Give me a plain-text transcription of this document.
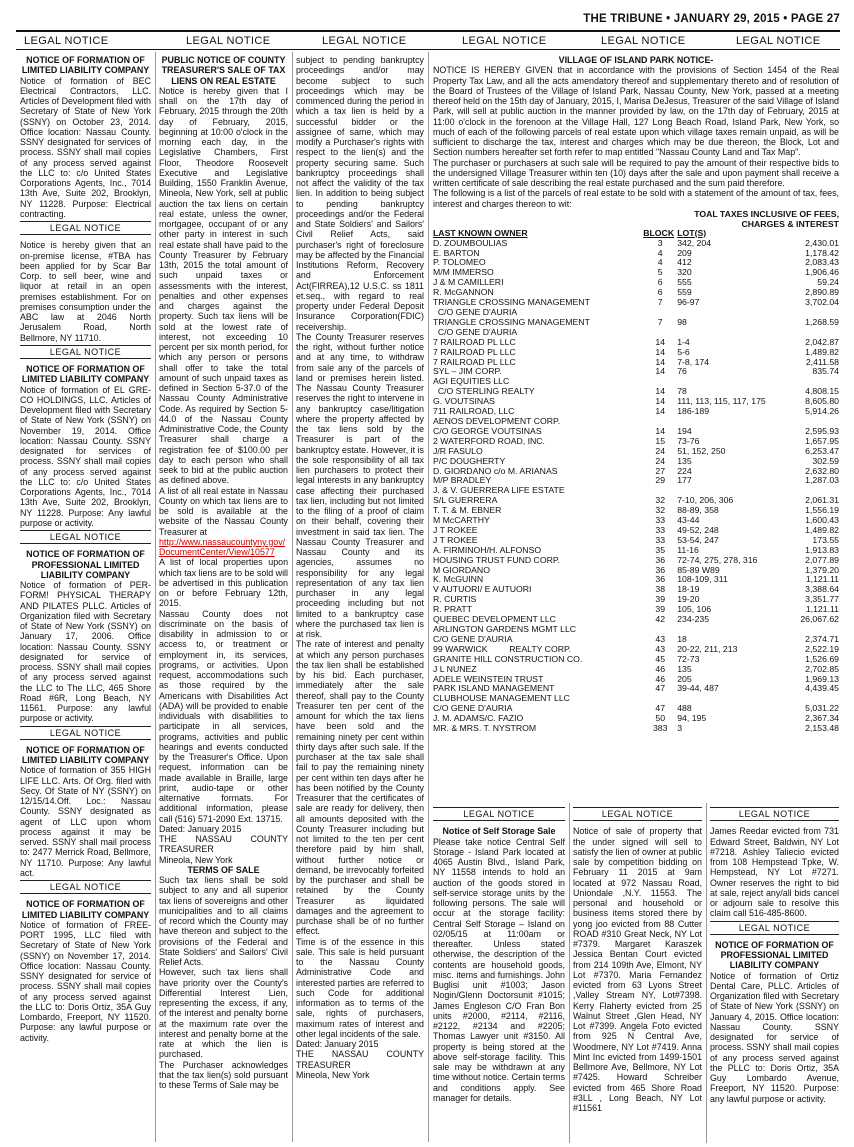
THE TRIBUNE • JANUARY 29, 2015 • PAGE 27
LEGAL NOTICE	LEGAL NOTICE	LEGAL NOTICE	LEGAL NOTICE	LEGAL NOTICE	LEGAL NOTICE

NOTICE OF FORMATION OF LIMITED LIABILITY COMPANY

Notice of formation of BEC Electrical Contractors, LLC. Articles of Development filed with Secretary of State of New York (SSNY) on October 23, 2014. Office location: Nassau County. SSNY designated for services of process. SSNY shall mail copies of any process served against the LLC to: c/o United States Corporations Agents, Inc., 7014 13th Ave, Suite 202, Brooklyn, NY 11228. Purpose: Electrical contracting.

LEGAL NOTICE

Notice is hereby given that an on-premise license, #TBA has been applied for by Scar Bar Corp. to sell beer, wine and liquor at retail in an open premises establishment. For on premises consumption under the ABC law at 2046 North Jerusalem Road, North Bellmore, NY 11710.

LEGAL NOTICE

NOTICE OF FORMATION OF LIMITED LIABILITY COMPANY

Notice of formation of EL GRE-CO HOLDINGS, LLC. Articles of Development filed with Secretary of State of New York (SSNY) on November 19, 2014. Office location: Nassau County. SSNY designated for services of process. SSNY shall mail copies of any process served against the LLC to: c/o United States Corporations Agents, Inc., 7014 13th Ave, Suite 202, Brooklyn, NY 11228. Purpose: Any lawful purpose or activity.

LEGAL NOTICE

NOTICE OF FORMATION OF PROFESSIONAL LIMITED LIABILITY COMPANY

Notice of formation of PER-FORM! PHYSICAL THERAPY AND PILATES PLLC. Articles of Organization filed with Secretary of State of New York (SSNY) on January 17, 2006. Office location: Nassau County. SSNY designated for service of process. SSNY shall mail copies of any process served against the LLC to The LLC, 465 Shore Road #6R, Long Beach, NY 11561. Purpose: any lawful purpose or activity.

LEGAL NOTICE

NOTICE OF FORMATION OF LIMITED LIABILITY COMPANY

Notice of formation of 355 HIGH LIFE LLC. Arts. Of Org. filed with Secy. Of State of NY (SSNY) on 12/15/14.Off. Loc.: Nassau County. SSNY designated as agent of LLC upon whom process against it may be served. SSNY shall mail process to: 2477 Merrick Road, Bellmore, NY 11710. Purpose: Any lawful act.

LEGAL NOTICE

NOTICE OF FORMATION OF LIMITED LIABILITY COMPANY

Notice of formation of FREE-PORT 1995, LLC filed with Secretary of State of New York (SSNY) on November 17, 2014. Office location: Nassau County. SSNY designated for service of process. SSNY shall mail copies of any process served against the LLC to: Doris Ortiz, 35A Guy Lombardo, Freeport, NY 11520. Purpose: any lawful purpose or activity.

PUBLIC NOTICE OF COUNTY TREASURER'S SALE OF TAX LIENS ON REAL ESTATE

Notice is hereby given that I shall on the 17th day of February, 2015 through the 20th day of February, 2015, beginning at 10:00 o'clock in the morning each day, in the Legislative Chambers, First Floor, Theodore Roosevelt Executive and Legislative Building, 1550 Franklin Avenue, Mineola, New York, sell at public auction the tax liens on certain real estate, unless the owner, mortgagee, occupant of or any other party in interest in such real estate shall have paid to the County Treasurer by February 13th, 2015 the total amount of such unpaid taxes or assessments with the interest, penalties and other expenses and charges against the property. Such tax liens will be sold at the lowest rate of interest, not exceeding 10 percent per six month period, for which any person or persons shall offer to take the total amount of such unpaid taxes as defined in Section 5-37.0 of the Nassau County Administrative Code. As required by Section 5-44.0 of the Nassau County Administrative Code, the County Treasurer shall charge a registration fee of $100.00 per day to each person who shall seek to bid at the public auction as defined above.

A list of all real estate in Nassau County on which tax liens are to be sold is available at the website of the Nassau County Treasurer at

http://www.nassaucountyny.gov/DocumentCenter/View/10577

A list of local properties upon which tax liens are to be sold will be advertised in this publication on or before February 12th, 2015.

Nassau County does not discriminate on the basis of disability in admission to or access to, or treatment or employment in, its services, programs, or activities. Upon request, accommodations such as those required by the Americans with Disabilities Act (ADA) will be provided to enable individuals with disabilities to participate in all services, programs, activities and public hearings and events conducted by the Treasurer's Office. Upon request, information can be made available in Braille, large print, audio-tape or other alternative formats. For additional information, please call (516) 571-2090 Ext. 13715.

Dated: January 2015

THE NASSAU COUNTY TREASURER

Mineola, New York

TERMS OF SALE

Such tax liens shall be sold subject to any and all superior tax liens of sovereigns and other municipalities and to all claims of record which the County may have thereon and subject to the provisions of the Federal and State Soldiers' and Sailors' Civil Relief Acts.

However, such tax liens shall have priority over the County's Differential Interest Lien, representing the excess, if any, of the interest and penalty borne at the maximum rate over the interest and penalty borne at the rate at which the lien is purchased.

The Purchaser acknowledges that the tax lien(s) sold pursuant to these Terms of Sale may be

subject to pending bankruptcy proceedings and/or may become subject to such proceedings which may be commenced during the period in which a tax lien is held by a successful bidder or the assignee of same, which may modify a Purchaser's rights with respect to the lien(s) and the property securing same. Such bankruptcy proceedings shall not affect the validity of the tax lien. In addition to being subject to pending bankruptcy proceedings and/or the Federal and State Soldiers' and Sailors' Civil Relief Acts, said purchaser's right of foreclosure may be affected by the Financial Institutions Reform, Recovery and Enforcement Act(FIRREA),12 U.S.C. ss 1811 et.seq., with regard to real property under Federal Deposit Insurance Corporation(FDIC) receivership.

The County Treasurer reserves the right, without further notice and at any time, to withdraw from sale any of the parcels of land or premises herein listed. The Nassau County Treasurer reserves the right to intervene in any bankruptcy case/litigation where the property affected by the tax liens sold by the Treasurer is part of the bankruptcy estate. However, it is the sole responsibility of all tax lien purchasers to protect their legal interests in any bankruptcy case affecting their purchased tax lien, including but not limited to the filing of a proof of claim on their behalf, covering their investment in said tax lien. The Nassau County Treasurer and Nassau County and its agencies, assumes no responsibility for any legal representation of any tax lien purchaser in any legal proceeding including but not limited to a bankruptcy case where the purchased tax lien is at risk.

The rate of interest and penalty at which any person purchases the tax lien shall be established by his bid. Each purchaser, immediately after the sale thereof, shall pay to the County Treasurer ten per cent of the amount for which the tax liens have been sold and the remaining ninety per cent within thirty days after such sale. If the purchaser at the tax sale shall fail to pay the remaining ninety per cent within ten days after he has been notified by the County Treasurer that the certificates of sale are ready for delivery, then all amounts deposited with the County Treasurer including but not limited to the ten per cent therefore paid by him shall, without further notice or demand, be irrevocably forfeited by the purchaser and shall be retained by the County Treasurer as liquidated damages and the agreement to purchase shall be of no further effect.

Time is of the essence in this sale. This sale is held pursuant to the Nassau County Administrative Code and interested parties are referred to such Code for additional information as to terms of the sale, rights of purchasers, maximum rates of interest and other legal incidents of the sale.

Dated: January 2015

THE NASSAU COUNTY TREASURER

Mineola, New York

VILLAGE OF ISLAND PARK NOTICE-

NOTICE IS HEREBY GIVEN that in accordance with the provisions of Section 1454 of the Real Property Tax Law, and all the acts amendatory thereof and supplementary thereto and of resolution of the Board of Trustees of the Village of Island Park, Nassau County, New York, passed at a meeting thereof held on the 15th day of January, 2015, I, Marisa DeJesus, Treasurer of the said Village of Island Park, will sell at public auction in the manner provided by law, on the 17th day of February, 2015 at 11:00 o'clock in the forenoon at the Village Hall, 127 Long Beach Road, Island Park, New York, so much of each of the following parcels of real estate upon which village taxes remain unpaid, as will be sufficient to discharge the tax, interest and charges which may be due thereon, the Block, Lot and Section numbers hereafter set forth refer to map entitled "Nassau County Land and Tax Map".

The purchaser or purchasers at such sale will be required to pay the amount of their respective bids to the undersigned Village Treasurer within ten (10) days after the sale and upon payment shall receive a written certificate of sale describing the real estate purchased and the sum paid therefore.

The following is a list of the parcels of real estate to be sold with a statement of the amount of tax, fees, interest and charges thereon to wit:

TOAL TAXES INCLUSIVE OF FEES, CHARGES & INTEREST
LAST KNOWN OWNER	BLOCK	LOT(S)	
D. ZOUMBOULIAS	3	342, 204	2,430.01
E. BARTON	4	209	1,178.42
P. TOLOMEO	4	412	2,083.43
M/M IMMERSO	5	320	1,906.46
J & M CAMILLERI	6	555	59.24
R. McGANNON	6	559	2,890.89
TRIANGLE CROSSING MANAGEMENT	7	96-97	3,702.04
C/O GENE D'AURIA			
TRIANGLE CROSSING MANAGEMENT	7	98	1,268.59
C/O GENE D'AURIA			
7 RAILROAD PL LLC	14	1-4	2,042.87
7 RAILROAD PL LLC	14	5-6	1,489.82
7 RAILROAD PL LLC	14	7-8, 174	2,411.58
SYL – JIM CORP.	14	76	835.74
AGI EQUITIES LLC			
C/O STERLING REALTY	14	78	4,808.15
G. VOUTSINAS	14	111, 113, 115, 117, 175	8,605.80
711 RAILROAD, LLC	14	186-189	5,914.26
AENOS DEVELOPMENT CORP.			
C/O GEORGE VOUTSINAS	14	194	2,595.93
2 WATERFORD ROAD, INC.	15	73-76	1,657.95
J/R FASULO	24	51, 152, 250	6,253.47
P/C DOUGHERTY	24	135	302.59
D. GIORDANO c/o M. ARIANAS	27	224	2,632.80
M/P BRADLEY	29	177	1,287.03
J. & V. GUERRERA LIFE ESTATE			
S/L GUERRERA	32	7-10, 206, 306	2,061.31
T. T. & M. EBNER	32	88-89, 358	1,556.19
M McCARTHY	33	43-44	1,600.43
J T ROKEE	33	49-52, 248	1,489.82
J T ROKEE	33	53-54, 247	173.55
A. FIRMINOH/H. ALFONSO	35	11-16	1,913.83
HOUSING TRUST FUND CORP.	36	72-74, 275, 278, 316	2,077.89
M GIORDANO	36	85-89 W89	1,379.20
K. McGUINN	36	108-109, 311	1,121.11
V AUTUORI/ E AUTUORI	38	18-19	3,388.64
R. CURTIS	39	19-20	3,351.77
R. PRATT	39	105, 106	1,121.11
QUEBEC DEVELOPMENT LLC	42	234-235	26,067.62
ARLINGTON GARDENS MGMT LLC			
C/O GENE D'AURIA	43	18	2,374.71
99 WARWICK         REALTY CORP.	43	20-22, 211, 213	2,522.19
GRANITE HILL CONSTRUCTION CO.	45	72-73	1,526.69
J L NUNEZ	46	135	2,702.85
ADELE WEINSTEIN TRUST	46	205	1,969.13
PARK ISLAND MANAGEMENT	47	39-44, 487	4,439.45
CLUBHOUSE MANAGEMENT LLC			
C/O GENE D'AURIA	47	488	5,031.22
J. M. ADAMS/C. FAZIO	50	94, 195	2,367.34
MR. & MRS. T. NYSTROM	383	3	2,153.48
LEGAL NOTICE

Notice of Self Storage Sale

Please take notice Central Self Storage - Island Park located at 4065 Austin Blvd., Island Park, NY 11558 intends to hold an auction of the goods stored in self-service storage units by the following persons. The sale will occur at the storage facility: Central Self Storage – Island on 02/05/15 at 11:00am or thereafter. Unless stated otherwise, the description of the contents are household goods, misc. items and furnishings. John Buglisi unit #1003; Jason Nogin/Glenn Doctorsunit #1015; James Engleson C/O Fran Bon units #2000, #2114, #2116, #2122, #2134 and #2205; Thomas Lawyer unit #3150. All property is being stored at the above self-storage facility. This sale may be withdrawn at any time without notice. Certain terms and conditions apply. See manager for details.

LEGAL NOTICE

Notice of sale of property that the under signed will sell to satisfy the lien of owner at public sale by competition bidding on February 11 2015 at 9am located at 972 Nassau Road, Uniondale ,N.Y. 11553. The personal and household or business items stored there by yong joo evicted from 88 Cutter ROAD #310 Great Neck, NY Lot #7379. Margaret Karaszek Jessica Bentan Court evicted from 214 109th Ave, Elmont, NY Lot #7370. Maria Fernandez evicted from 63 Lyons Street ,Valley Stream NY, Lot#7398. Kerry Flaherty evicted from 25 Walnut Street ,Glen Head, NY Lot #7399. Angela Foto evicted from 925 N Central Ave, Woodmere, NY Lot #7419. Anna Mint Inc evicted from 1499-1501 Bellmore Ave, Bellmore, NY Lot #7425. Howard Schreiber evicted from 465 Shore Road #3LL , Long Beach, NY Lot #11561

LEGAL NOTICE

James Reedar evicted from 731 Edward Street, Baldwin, NY Lot #7218. Ashley Taliecio evicted from 108 Hempstead Tpke, W. Hempstead, NY Lot #7271. Owner reserves the right to bid at sale, reject any/all bids cancel or adjourn sale to resolve this claim call 516-485-8600.

LEGAL NOTICE

NOTICE OF FORMATION OF PROFESSIONAL LIMITED LIABILITY COMPANY

Notice of formation of Ortiz Dental Care, PLLC. Articles of Organization filed with Secretary of State of New York (SSNY) on January 4, 2015. Office location: Nassau County. SSNY designated for service of process. SSNY shall mail copies of any process served against the PLLC to: Doris Ortiz, 35A Guy Lombardo Avenue, Freeport, NY 11520. Purpose: any lawful purpose or activity.
